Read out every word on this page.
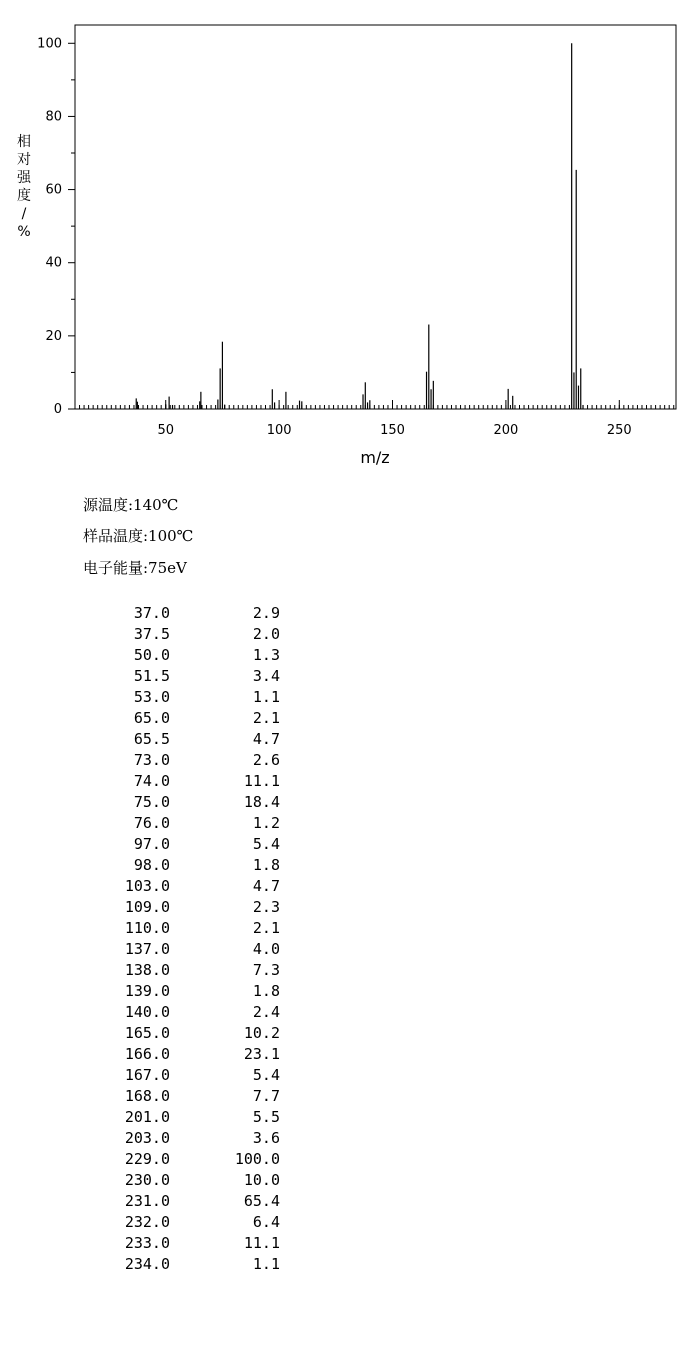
0
20
40
60
80
100
50	100	150	200	250
相对强度/ %
m/z
源温度:140℃
样品温度:100℃
电子能量:75eV
37.0	2.9
37.5	2.0
50.0	1.3
51.5	3.4
53.0	1.1
65.0	2.1
65.5	4.7
73.0	2.6
74.0	11.1
75.0	18.4
76.0	1.2
97.0	5.4
98.0	1.8
103.0	4.7
109.0	2.3
110.0	2.1
137.0	4.0
138.0	7.3
139.0	1.8
140.0	2.4
165.0	10.2
166.0	23.1
167.0	5.4
168.0	7.7
201.0	5.5
203.0	3.6
229.0	100.0
230.0	10.0
231.0	65.4
232.0	6.4
233.0	11.1
234.0	1.1
